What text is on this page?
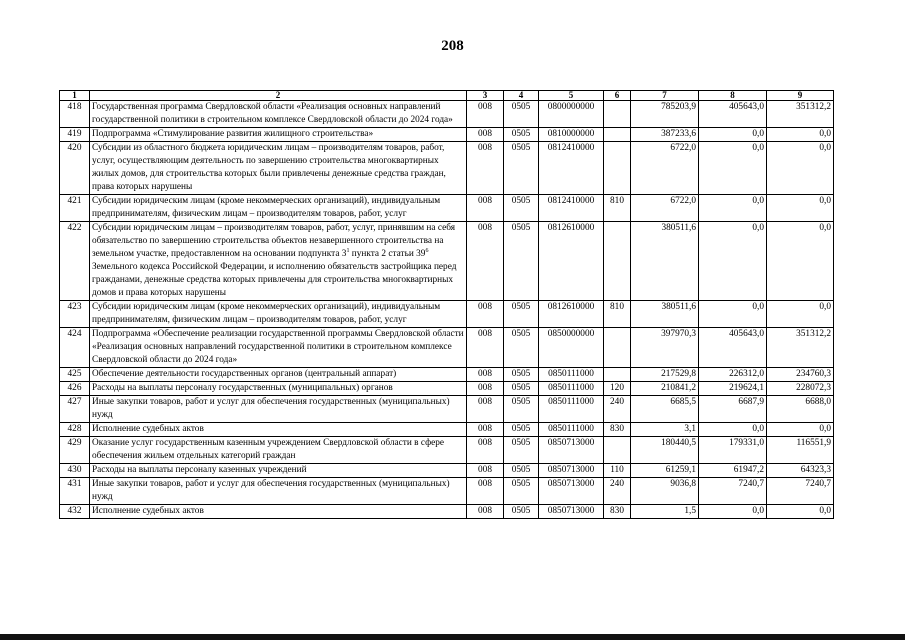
208
1	2	3	4	5	6	7	8	9
418	Государственная программа Свердловской области «Реализация основных направлений государственной политики в строительном комплексе Свердловской области до 2024 года»	008	0505	0800000000		785203,9	405643,0	351312,2
419	Подпрограмма «Стимулирование развития жилищного строительства»	008	0505	0810000000		387233,6	0,0	0,0
420	Субсидии из областного бюджета юридическим лицам – производителям товаров, работ, услуг, осуществляющим деятельность по завершению строительства многоквартирных жилых домов, для строительства которых были привлечены денежные средства граждан, права которых нарушены	008	0505	0812410000		6722,0	0,0	0,0
421	Субсидии юридическим лицам (кроме некоммерческих организаций), индивидуальным предпринимателям, физическим лицам – производителям товаров, работ, услуг	008	0505	0812410000	810	6722,0	0,0	0,0
422	Субсидии юридическим лицам – производителям товаров, работ, услуг, принявшим на себя обязательство по завершению строительства объектов незавершенного строительства на земельном участке, предоставленном на основании подпункта $3^1$ пункта 2 статьи $39^6$ Земельного кодекса Российской Федерации, и исполнению обязательств застройщика перед гражданами, денежные средства которых привлечены для строительства многоквартирных домов и права которых нарушены	008	0505	0812610000		380511,6	0,0	0,0
423	Субсидии юридическим лицам (кроме некоммерческих организаций), индивидуальным предпринимателям, физическим лицам – производителям товаров, работ, услуг	008	0505	0812610000	810	380511,6	0,0	0,0
424	Подпрограмма «Обеспечение реализации государственной программы Свердловской области «Реализация основных направлений государственной политики в строительном комплексе Свердловской области до 2024 года»	008	0505	0850000000		397970,3	405643,0	351312,2
425	Обеспечение деятельности государственных органов (центральный аппарат)	008	0505	0850111000		217529,8	226312,0	234760,3
426	Расходы на выплаты персоналу государственных (муниципальных) органов	008	0505	0850111000	120	210841,2	219624,1	228072,3
427	Иные закупки товаров, работ и услуг для обеспечения государственных (муниципальных) нужд	008	0505	0850111000	240	6685,5	6687,9	6688,0
428	Исполнение судебных актов	008	0505	0850111000	830	3,1	0,0	0,0
429	Оказание услуг государственным казенным учреждением Свердловской области в сфере обеспечения жильем отдельных категорий граждан	008	0505	0850713000		180440,5	179331,0	116551,9
430	Расходы на выплаты персоналу казенных учреждений	008	0505	0850713000	110	61259,1	61947,2	64323,3
431	Иные закупки товаров, работ и услуг для обеспечения государственных (муниципальных) нужд	008	0505	0850713000	240	9036,8	7240,7	7240,7
432	Исполнение судебных актов	008	0505	0850713000	830	1,5	0,0	0,0
